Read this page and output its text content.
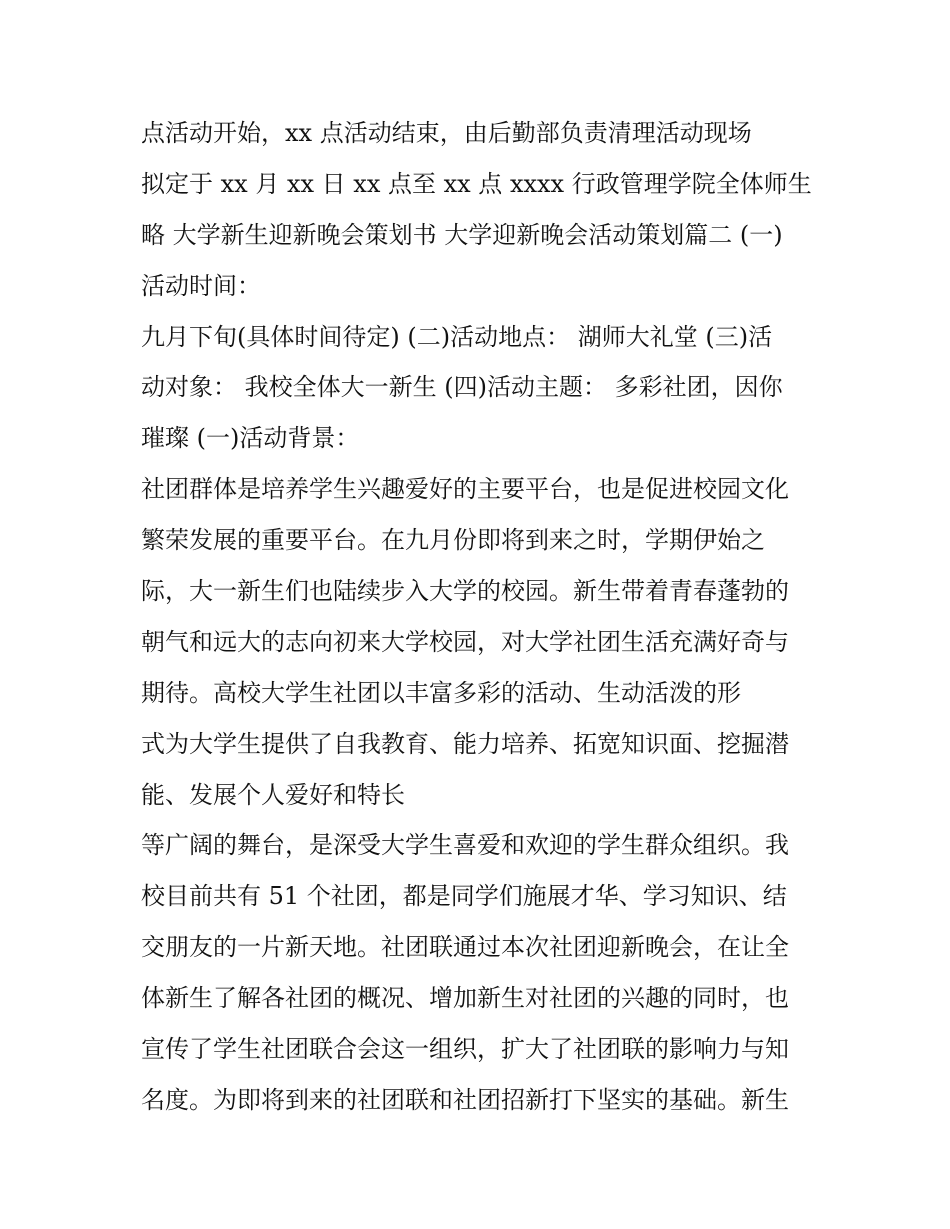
点活动开始，xx 点活动结束，由后勤部负责清理活动现场
拟定于 xx 月 xx 日 xx 点至 xx 点 xxxx 行政管理学院全体师生
略 大学新生迎新晚会策划书 大学迎新晚会活动策划篇二 (一)
活动时间：
九月下旬(具体时间待定) (二)活动地点： 湖师大礼堂 (三)活
动对象： 我校全体大一新生 (四)活动主题： 多彩社团，因你
璀璨 (一)活动背景：
社团群体是培养学生兴趣爱好的主要平台，也是促进校园文化
繁荣发展的重要平台。在九月份即将到来之时，学期伊始之
际，大一新生们也陆续步入大学的校园。新生带着青春蓬勃的
朝气和远大的志向初来大学校园，对大学社团生活充满好奇与
期待。高校大学生社团以丰富多彩的活动、生动活泼的形
式为大学生提供了自我教育、能力培养、拓宽知识面、挖掘潜
能、发展个人爱好和特长
等广阔的舞台，是深受大学生喜爱和欢迎的学生群众组织。我
校目前共有 51 个社团，都是同学们施展才华、学习知识、结
交朋友的一片新天地。社团联通过本次社团迎新晚会，在让全
体新生了解各社团的概况、增加新生对社团的兴趣的同时，也
宣传了学生社团联合会这一组织，扩大了社团联的影响力与知
名度。为即将到来的社团联和社团招新打下坚实的基础。新生
